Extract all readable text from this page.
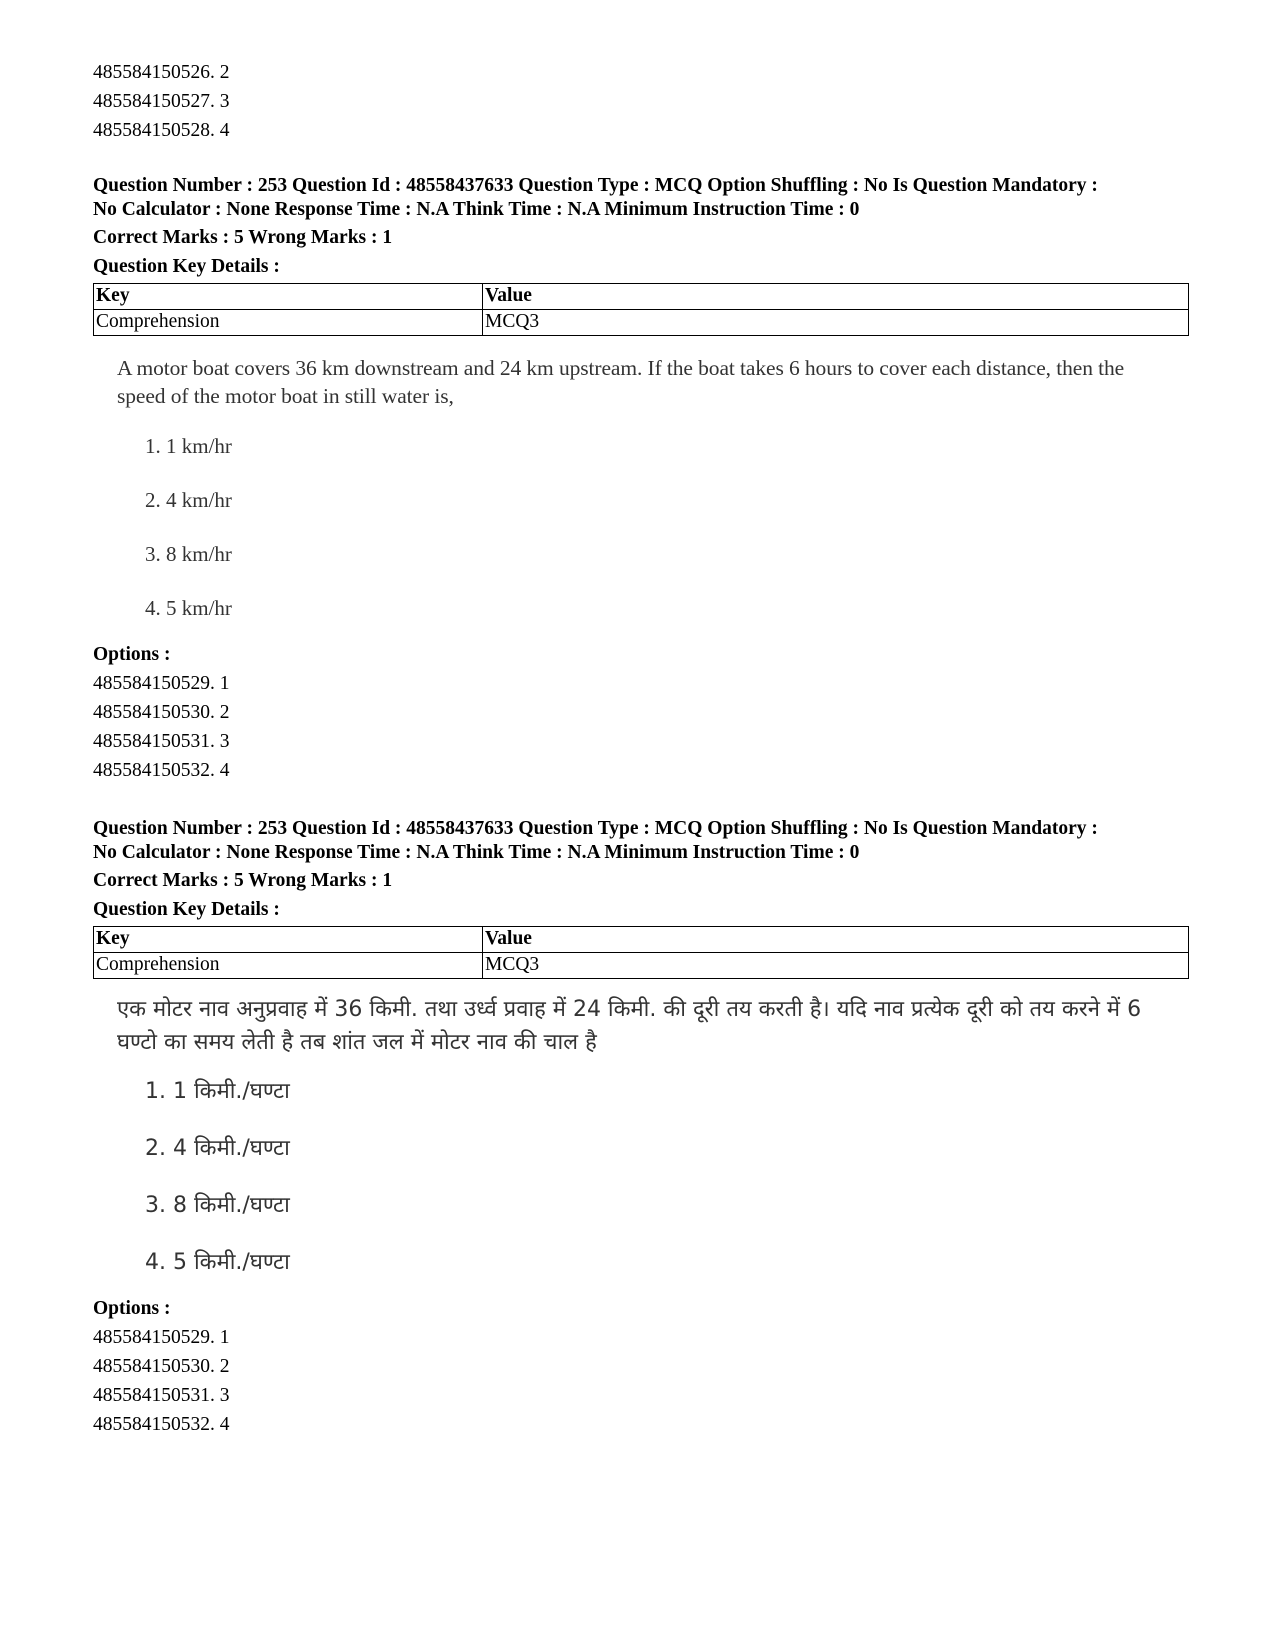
485584150526. 2
485584150527. 3
485584150528. 4
Question Number : 253 Question Id : 48558437633 Question Type : MCQ Option Shuffling : No Is Question Mandatory :
No Calculator : None Response Time : N.A Think Time : N.A Minimum Instruction Time : 0
Correct Marks : 5 Wrong Marks : 1
Question Key Details :
Key	Value
Comprehension	MCQ3
A motor boat covers 36 km downstream and 24 km upstream. If the boat takes 6 hours to cover each distance, then the speed of the motor boat in still water is,
1. 1 km/hr
2. 4 km/hr
3. 8 km/hr
4. 5 km/hr
Options :
485584150529. 1
485584150530. 2
485584150531. 3
485584150532. 4
Question Number : 253 Question Id : 48558437633 Question Type : MCQ Option Shuffling : No Is Question Mandatory :
No Calculator : None Response Time : N.A Think Time : N.A Minimum Instruction Time : 0
Correct Marks : 5 Wrong Marks : 1
Question Key Details :
Key	Value
Comprehension	MCQ3
एक मोटर नाव अनुप्रवाह में 36 किमी. तथा उर्ध्व प्रवाह में 24 किमी. की दूरी तय करती है। यदि नाव प्रत्येक दूरी को तय करने में 6 घण्टो का समय लेती है तब शांत जल में मोटर नाव की चाल है
1. 1 किमी./घण्टा
2. 4 किमी./घण्टा
3. 8 किमी./घण्टा
4. 5 किमी./घण्टा
Options :
485584150529. 1
485584150530. 2
485584150531. 3
485584150532. 4
